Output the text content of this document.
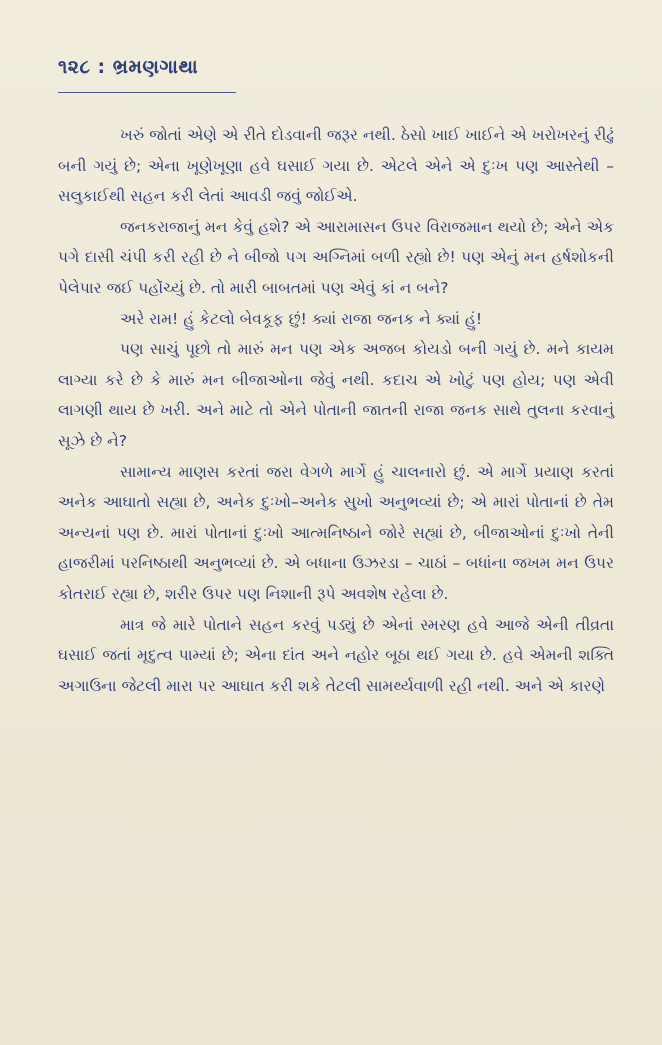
૧૨૮ : ભ્રમણગાથા

ખરું જોતાં એણે એ રીતે દોડવાની જરૂર નથી. ઠેસો ખાઈ ખાઈને એ ખરોખરનું રીઢું બની ગયું છે; એના ખૂણેખૂણા હવે ઘસાઈ ગયા છે. એટલે એને એ દુઃખ પણ આસ્તેથી – સલુકાઈથી સહન કરી લેતાં આવડી જવું જોઈએ.

જનકરાજાનું મન કેવું હશે? એ આરામાસન ઉપર વિરાજમાન થયો છે; એને એક પગે દાસી ચંપી કરી રહી છે ને બીજો પગ અગ્નિમાં બળી રહ્યો છે! પણ એનું મન હર્ષશોકની પેલેપાર જઈ પહોંચ્યું છે. તો મારી બાબતમાં પણ એવું કાં ન બને?

અરે રામ! હું કેટલો બેવકૂફ છું! ક્યાં રાજા જનક ને ક્યાં હું!

પણ સાચું પૂછો તો મારું મન પણ એક અજબ કોયડો બની ગયું છે. મને કાયમ લાગ્યા કરે છે કે મારું મન બીજાઓના જેવું નથી. કદાચ એ ખોટું પણ હોય; પણ એવી લાગણી થાય છે ખરી. અને માટે તો એને પોતાની જાતની રાજા જનક સાથે તુલના કરવાનું સૂઝે છે ને?

સામાન્ય માણસ કરતાં જરા વેગળે માર્ગે હું ચાલનારો છું. એ માર્ગે પ્રયાણ કરતાં અનેક આઘાતો સહ્યા છે, અનેક દુઃખો–અનેક સુખો અનુભવ્યાં છે; એ મારાં પોતાનાં છે તેમ અન્યનાં પણ છે. મારાં પોતાનાં દુઃખો આત્મનિષ્ઠાને જોરે સહ્યાં છે, બીજાઓનાં દુઃખો તેની હાજરીમાં પરનિષ્ઠાથી અનુભવ્યાં છે. એ બધાના ઉઝરડા – ચાઠાં – બધાંના જખમ મન ઉપર કોતરાઈ રહ્યા છે, શરીર ઉપર પણ નિશાની રૂપે અવશેષ રહેલા છે.

માત્ર જે મારે પોતાને સહન કરવું પડ્યું છે એનાં સ્મરણ હવે આજે એની તીવ્રતા ઘસાઈ જતાં મૃદુત્વ પામ્યાં છે; એના દાંત અને નહોર બૂઠા થઈ ગયા છે. હવે એમની શક્તિ અગાઉના જેટલી મારા પર આઘાત કરી શકે તેટલી સામર્થ્યવાળી રહી નથી. અને એ કારણે
